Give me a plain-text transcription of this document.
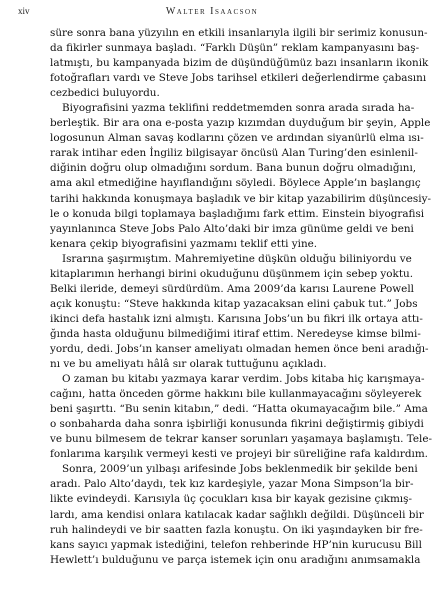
xiv	Walter Isaacson
süre sonra bana yüzyılın en etkili insanlarıyla ilgili bir serimiz konusun-
da fikirler sunmaya başladı. “Farklı Düşün” reklam kampanyasını baş-
latmıştı, bu kampanyada bizim de düşündüğümüz bazı insanların ikonik
fotoğrafları vardı ve Steve Jobs tarihsel etkileri değerlendirme çabasını
cezbedici buluyordu.
Biyografisini yazma teklifini reddetmemden sonra arada sırada ha-
berleştik. Bir ara ona e-posta yazıp kızımdan duyduğum bir şeyin, Apple
logosunun Alman savaş kodlarını çözen ve ardından siyanürlü elma ısı-
rarak intihar eden İngiliz bilgisayar öncüsü Alan Turing’den esinlenil-
diğinin doğru olup olmadığını sordum. Bana bunun doğru olmadığını,
ama akıl etmediğine hayıflandığını söyledi. Böylece Apple’ın başlangıç
tarihi hakkında konuşmaya başladık ve bir kitap yazabilirim düşüncesiy-
le o konuda bilgi toplamaya başladığımı fark ettim. Einstein biyografisi
yayınlanınca Steve Jobs Palo Alto’daki bir imza günüme geldi ve beni
kenara çekip biyografisini yazmamı teklif etti yine.
Israrına şaşırmıştım. Mahremiyetine düşkün olduğu biliniyordu ve
kitaplarımın herhangi birini okuduğunu düşünmem için sebep yoktu.
Belki ileride, demeyi sürdürdüm. Ama 2009’da karısı Laurene Powell
açık konuştu: “Steve hakkında kitap yazacaksan elini çabuk tut.” Jobs
ikinci defa hastalık izni almıştı. Karısına Jobs’un bu fikri ilk ortaya attı-
ğında hasta olduğunu bilmediğimi itiraf ettim. Neredeyse kimse bilmi-
yordu, dedi. Jobs’ın kanser ameliyatı olmadan hemen önce beni aradığı-
nı ve bu ameliyatı hâlâ sır olarak tuttuğunu açıkladı.
O zaman bu kitabı yazmaya karar verdim. Jobs kitaba hiç karışmaya-
cağını, hatta önceden görme hakkını bile kullanmayacağını söyleyerek
beni şaşırttı. “Bu senin kitabın,” dedi. “Hatta okumayacağım bile.” Ama
o sonbaharda daha sonra işbirliği konusunda fikrini değiştirmiş gibiydi
ve bunu bilmesem de tekrar kanser sorunları yaşamaya başlamıştı. Tele-
fonlarıma karşılık vermeyi kesti ve projeyi bir süreliğine rafa kaldırdım.
Sonra, 2009’un yılbaşı arifesinde Jobs beklenmedik bir şekilde beni
aradı. Palo Alto’daydı, tek kız kardeşiyle, yazar Mona Simpson’la bir-
likte evindeydi. Karısıyla üç çocukları kısa bir kayak gezisine çıkmış-
lardı, ama kendisi onlara katılacak kadar sağlıklı değildi. Düşünceli bir
ruh halindeydi ve bir saatten fazla konuştu. On iki yaşındayken bir fre-
kans sayıcı yapmak istediğini, telefon rehberinde HP’nin kurucusu Bill
Hewlett’ı bulduğunu ve parça istemek için onu aradığını anımsamakla
